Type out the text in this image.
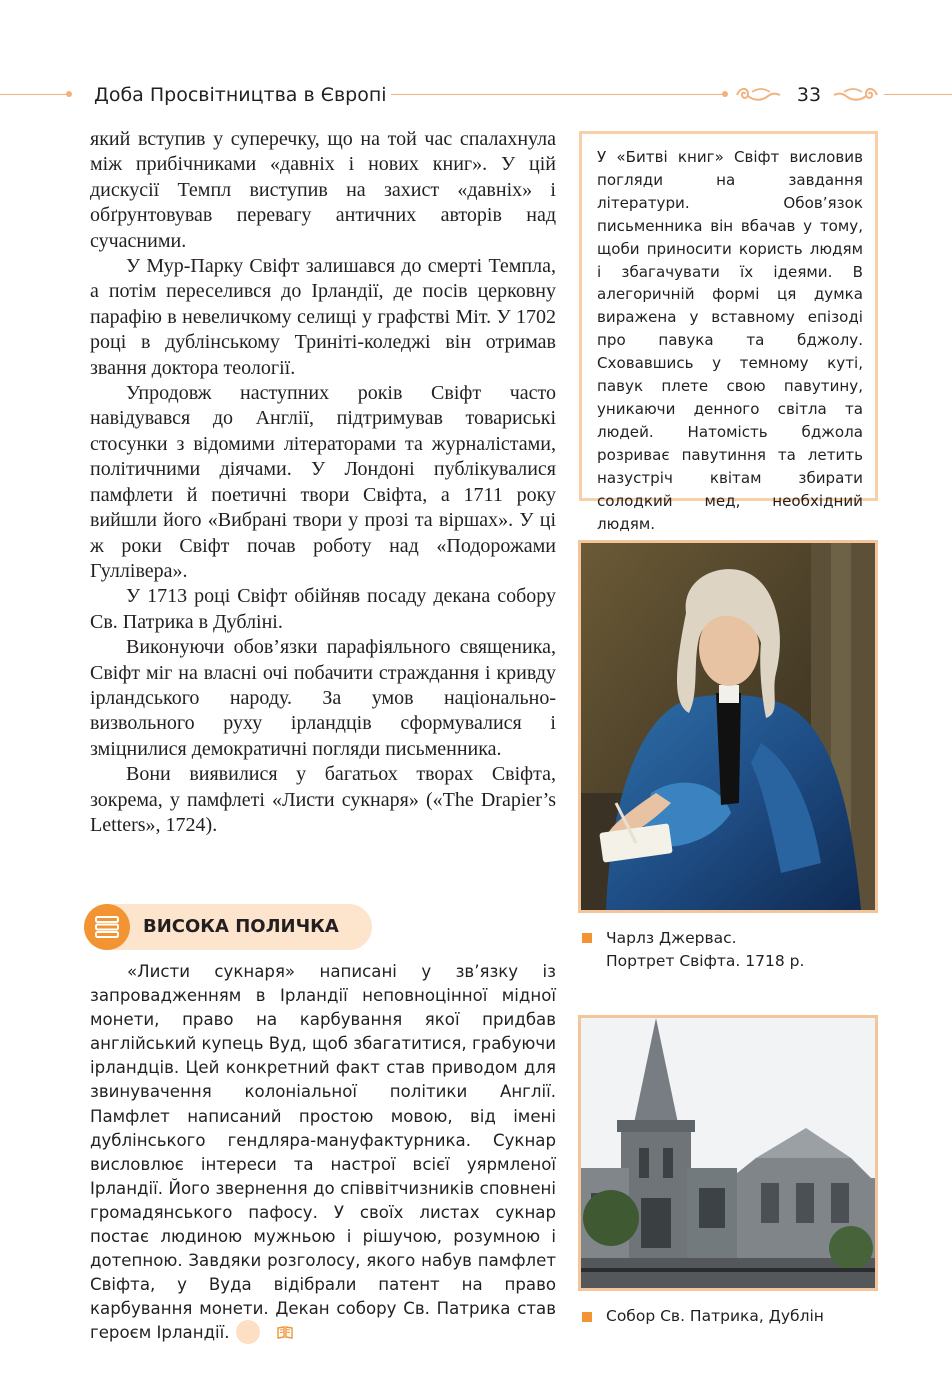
Доба Просвітництва в Європі	33

який вступив у суперечку, що на той час спалахнула між прибічниками «давніх і нових книг». У цій дискусії Темпл виступив на захист «давніх» і обґрунтовував перевагу античних авторів над сучасними.

У Мур-Парку Свіфт залишався до смерті Темпла, а потім переселився до Ірландії, де посів церковну парафію в невеличкому селищі у графстві Міт. У 1702 році в дублінському Триніті-коледжі він отримав звання доктора теології.

Упродовж наступних років Свіфт часто навідувався до Англії, підтримував товариські стосунки з відомими літераторами та журналістами, політичними діячами. У Лондоні публікувалися памфлети й поетичні твори Свіфта, а 1711 року вийшли його «Вибрані твори у прозі та віршах». У ці ж роки Свіфт почав роботу над «Подорожами Гуллівера».

У 1713 році Свіфт обійняв посаду декана собору Св. Патрика в Дубліні.

Виконуючи обов’язки парафіяльного священика, Свіфт міг на власні очі побачити страждання і кривду ірландського народу. За умов національно-визвольного руху ірландців сформувалися і зміцнилися демократичні погляди письменника.

Вони виявилися у багатьох творах Свіфта, зокрема, у памфлеті «Листи сукнаря» («The Drapier’s Letters», 1724).

У «Битві книг» Свіфт висловив погляди на завдання літератури. Обов’язок письменника він вбачав у тому, щоби приносити користь людям і збагачувати їх ідеями. В алегоричній формі ця думка виражена у вставному епізоді про павука та бджолу. Сховавшись у темному куті, павук плете свою павутину, уникаючи денного світла та людей. Натомість бджола розриває павутиння та летить назустріч квітам збирати солодкий мед, необхідний людям.
Чарлз Джервас.
Портрет Свіфта. 1718 р.
Собор Св. Патрика, Дублін
ВИСОКА ПОЛИЧКА

«Листи сукнаря» написані у зв’язку із запровадженням в Ірландії неповноцінної мідної монети, право на карбування якої придбав англійський купець Вуд, щоб збагатитися, грабуючи ірландців. Цей конкретний факт став приводом для звинувачення колоніальної політики Англії. Памфлет написаний простою мовою, від імені дублінського гендляра-мануфактурника. Сукнар висловлює інтереси та настрої всієї уярмленої Ірландії. Його звернення до співвітчизників сповнені громадянського пафосу. У своїх листах сукнар постає людиною мужньою і рішучою, розумною і дотепною. Завдяки розголосу, якого набув памфлет Свіфта, у Вуда відібрали патент на право карбування монети. Декан собору Св. Патрика став героєм Ірландії.
